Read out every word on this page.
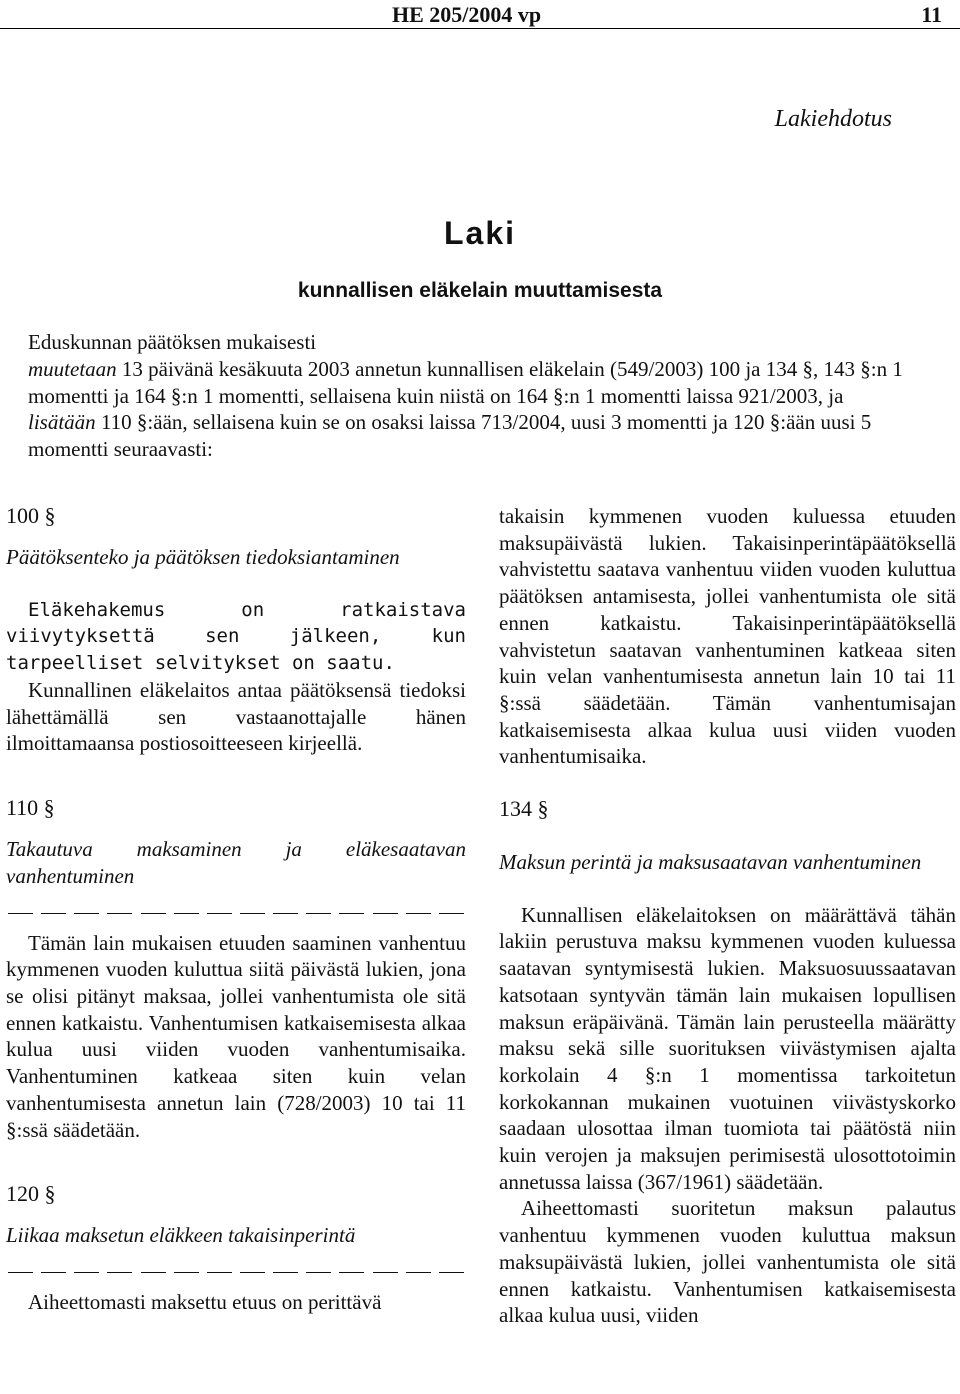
HE 205/2004 vp	11
Lakiehdotus
Laki
kunnallisen eläkelain muuttamisesta

Eduskunnan päätöksen mukaisesti

muutetaan 13 päivänä kesäkuuta 2003 annetun kunnallisen eläkelain (549/2003) 100 ja 134 §, 143 §:n 1 momentti ja 164 §:n 1 momentti, sellaisena kuin niistä on 164 §:n 1 momentti laissa 921/2003, ja

lisätään 110 §:ään, sellaisena kuin se on osaksi laissa 713/2004, uusi 3 momentti ja 120 §:ään uusi 5 momentti seuraavasti:

100 §

Päätöksenteko ja päätöksen tiedoksiantaminen

Eläkehakemus on ratkaistava viivytyksettä sen jälkeen, kun tarpeelliset selvitykset on saatu.

Kunnallinen eläkelaitos antaa päätöksensä tiedoksi lähettämällä sen vastaanottajalle hänen ilmoittamaansa postiosoitteeseen kirjeellä.

110 §

Takautuva maksaminen ja eläkesaatavan vanhentuminen

Tämän lain mukaisen etuuden saaminen vanhentuu kymmenen vuoden kuluttua siitä päivästä lukien, jona se olisi pitänyt maksaa, jollei vanhentumista ole sitä ennen katkaistu. Vanhentumisen katkaisemisesta alkaa kulua uusi viiden vuoden vanhentumisaika. Vanhentuminen katkeaa siten kuin velan vanhentumisesta annetun lain (728/2003) 10 tai 11 §:ssä säädetään.

120 §

Liikaa maksetun eläkkeen takaisinperintä

Aiheettomasti maksettu etuus on perittävä

takaisin kymmenen vuoden kuluessa etuuden maksupäivästä lukien. Takaisinperintäpäätöksellä vahvistettu saatava vanhentuu viiden vuoden kuluttua päätöksen antamisesta, jollei vanhentumista ole sitä ennen katkaistu. Takaisinperintäpäätöksellä vahvistetun saatavan vanhentuminen katkeaa siten kuin velan vanhentumisesta annetun lain 10 tai 11 §:ssä säädetään. Tämän vanhentumisajan katkaisemisesta alkaa kulua uusi viiden vuoden vanhentumisaika.

134 §

Maksun perintä ja maksusaatavan vanhentuminen

Kunnallisen eläkelaitoksen on määrättävä tähän lakiin perustuva maksu kymmenen vuoden kuluessa saatavan syntymisestä lukien. Maksuosuussaatavan katsotaan syntyvän tämän lain mukaisen lopullisen maksun eräpäivänä. Tämän lain perusteella määrätty maksu sekä sille suorituksen viivästymisen ajalta korkolain 4 §:n 1 momentissa tarkoitetun korkokannan mukainen vuotuinen viivästyskorko saadaan ulosottaa ilman tuomiota tai päätöstä niin kuin verojen ja maksujen perimisestä ulosottotoimin annetussa laissa (367/1961) säädetään.

Aiheettomasti suoritetun maksun palautus vanhentuu kymmenen vuoden kuluttua maksun maksupäivästä lukien, jollei vanhentumista ole sitä ennen katkaistu. Vanhentumisen katkaisemisesta alkaa kulua uusi, viiden
